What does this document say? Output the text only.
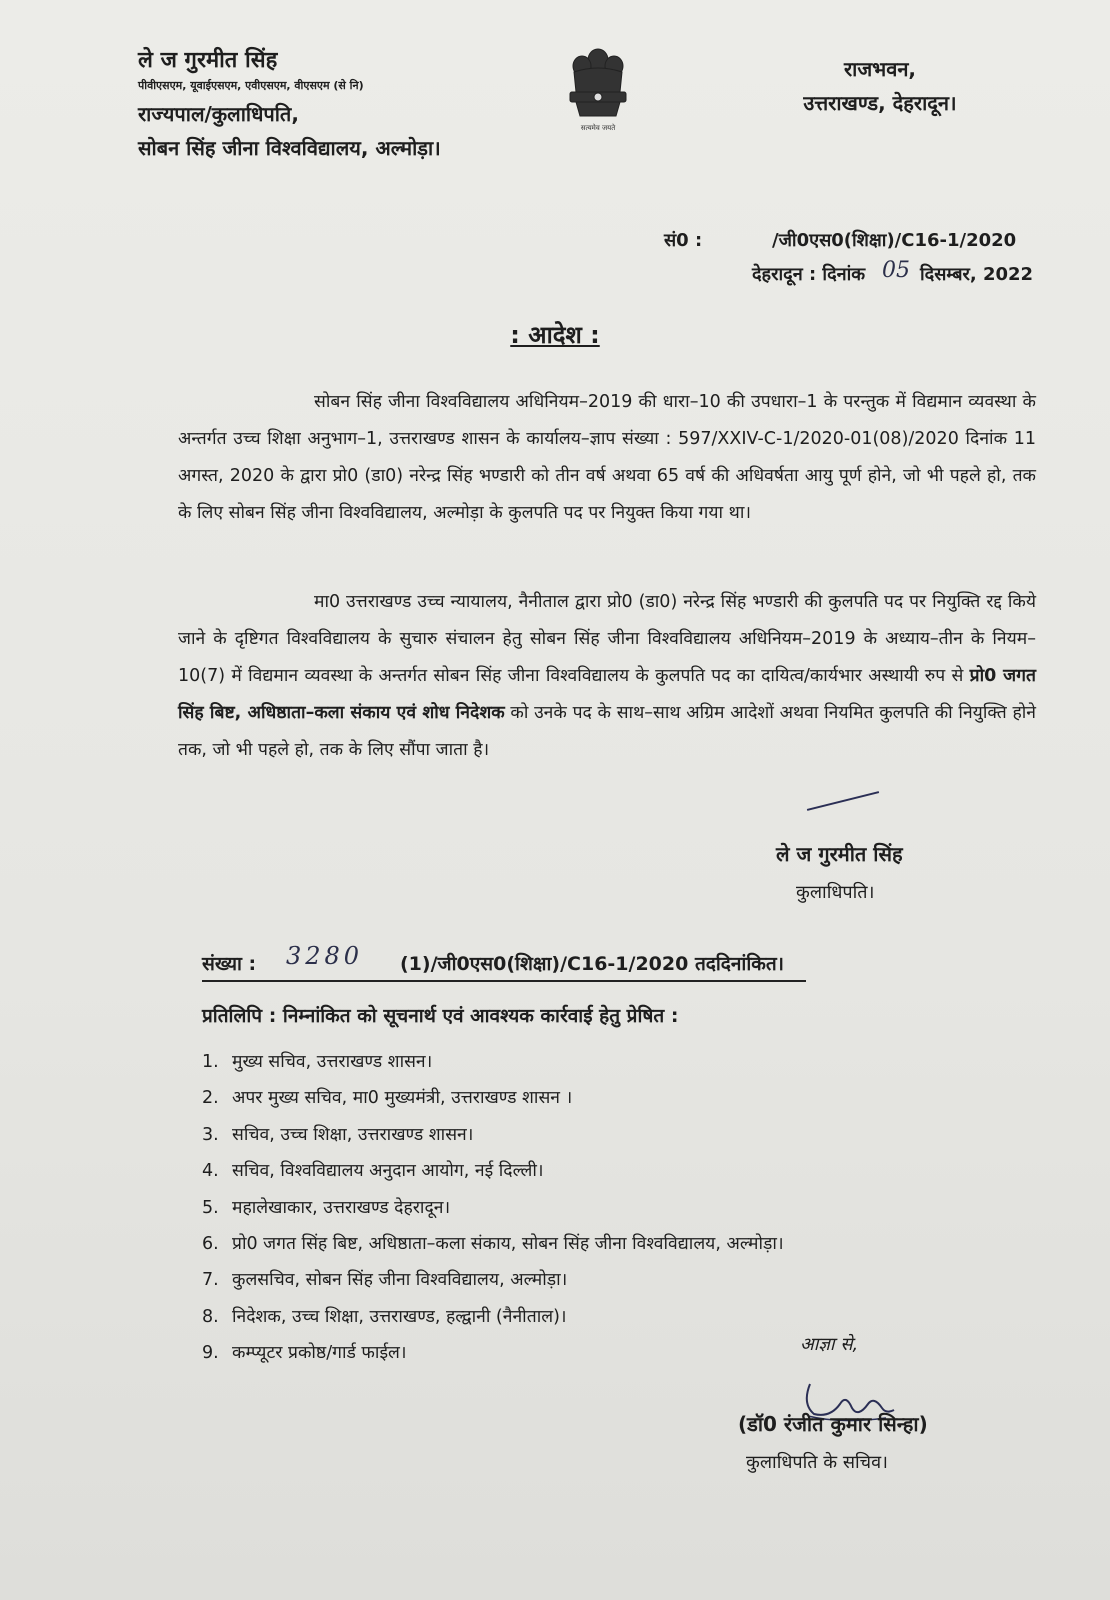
ले ज गुरमीत सिंह
पीवीएसएम, यूवाईएसएम, एवीएसएम, वीएसएम (से नि)
राज्यपाल/कुलाधिपति,
सोबन सिंह जीना विश्वविद्यालय, अल्मोड़ा।
सत्यमेव जयते
राजभवन,
उत्तराखण्ड, देहरादून।
सं0 :	/जी0एस0(शिक्षा)/C16-1/2020
देहरादून : दिनांक 05 दिसम्बर, 2022
: आदेश :

सोबन सिंह जीना विश्वविद्यालय अधिनियम–2019 की धारा–10 की उपधारा–1 के परन्तुक में विद्यमान व्यवस्था के अन्तर्गत उच्च शिक्षा अनुभाग–1, उत्तराखण्ड शासन के कार्यालय–ज्ञाप संख्या : 597/XXIV-C-1/2020-01(08)/2020 दिनांक 11 अगस्त, 2020 के द्वारा प्रो0 (डा0) नरेन्द्र सिंह भण्डारी को तीन वर्ष अथवा 65 वर्ष की अधिवर्षता आयु पूर्ण होने, जो भी पहले हो, तक के लिए सोबन सिंह जीना विश्वविद्यालय, अल्मोड़ा के कुलपति पद पर नियुक्त किया गया था।

मा0 उत्तराखण्ड उच्च न्यायालय, नैनीताल द्वारा प्रो0 (डा0) नरेन्द्र सिंह भण्डारी की कुलपति पद पर नियुक्ति रद्द किये जाने के दृष्टिगत विश्वविद्यालय के सुचारु संचालन हेतु सोबन सिंह जीना विश्वविद्यालय अधिनियम–2019 के अध्याय–तीन के नियम–10(7) में विद्यमान व्यवस्था के अन्तर्गत सोबन सिंह जीना विश्वविद्यालय के कुलपति पद का दायित्व/कार्यभार अस्थायी रुप से प्रो0 जगत सिंह बिष्ट, अधिष्ठाता–कला संकाय एवं शोध निदेशक को उनके पद के साथ–साथ अग्रिम आदेशों अथवा नियमित कुलपति की नियुक्ति होने तक, जो भी पहले हो, तक के लिए सौंपा जाता है।

ले ज गुरमीत सिंह
कुलाधिपति।
संख्या : 3280 (1)/जी0एस0(शिक्षा)/C16-1/2020 तददिनांकित।
प्रतिलिपि : निम्नांकित को सूचनार्थ एवं आवश्यक कार्रवाई हेतु प्रेषित :
1. मुख्य सचिव, उत्तराखण्ड शासन।
2. अपर मुख्य सचिव, मा0 मुख्यमंत्री, उत्तराखण्ड शासन ।
3. सचिव, उच्च शिक्षा, उत्तराखण्ड शासन।
4. सचिव, विश्वविद्यालय अनुदान आयोग, नई दिल्ली।
5. महालेखाकार, उत्तराखण्ड देहरादून।
6. प्रो0 जगत सिंह बिष्ट, अधिष्ठाता–कला संकाय, सोबन सिंह जीना विश्वविद्यालय, अल्मोड़ा।
7. कुलसचिव, सोबन सिंह जीना विश्वविद्यालय, अल्मोड़ा।
8. निदेशक, उच्च शिक्षा, उत्तराखण्ड, हल्द्वानी (नैनीताल)।
9. कम्प्यूटर प्रकोष्ठ/गार्ड फाईल।	आज्ञा से,
(डॉ0 रंजीत कुमार सिन्हा)
कुलाधिपति के सचिव।
